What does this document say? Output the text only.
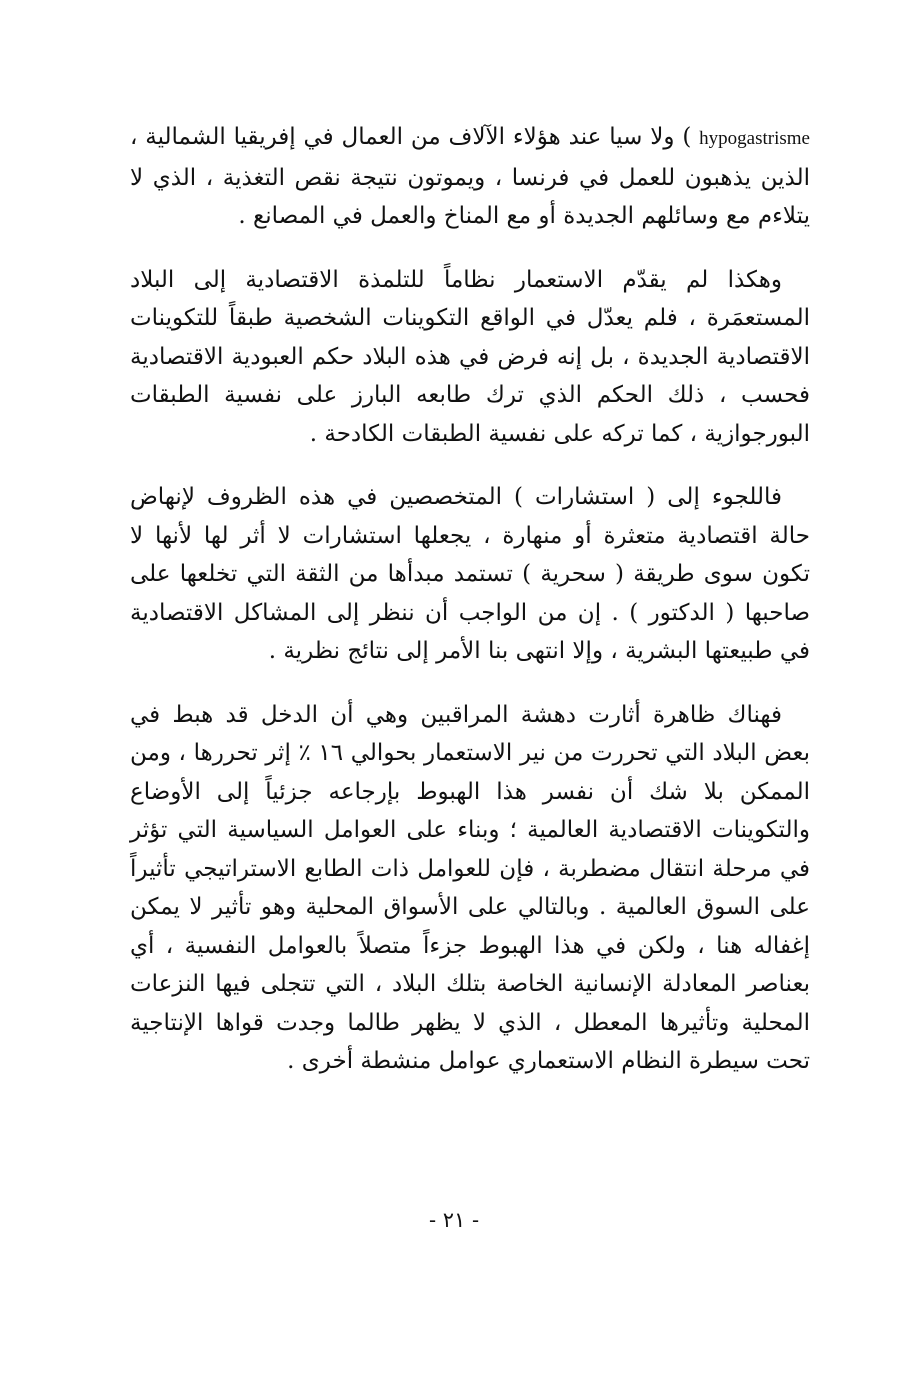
hypogastrisme ) ولا سيا عند هؤلاء الآلاف من العمال في إفريقيا الشمالية ، الذين يذهبون للعمل في فرنسا ، ويموتون نتيجة نقص التغذية ، الذي لا يتلاءم مع وسائلهم الجديدة أو مع المناخ والعمل في المصانع .

وهكذا لم يقدّم الاستعمار نظاماً للتلمذة الاقتصادية إلى البلاد المستعمَرة ، فلم يعدّل في الواقع التكوينات الشخصية طبقاً للتكوينات الاقتصادية الجديدة ، بل إنه فرض في هذه البلاد حكم العبودية الاقتصادية فحسب ، ذلك الحكم الذي ترك طابعه البارز على نفسية الطبقات البورجوازية ، كما تركه على نفسية الطبقات الكادحة .

فاللجوء إلى ( استشارات ) المتخصصين في هذه الظروف لإنهاض حالة اقتصادية متعثرة أو منهارة ، يجعلها استشارات لا أثر لها لأنها لا تكون سوى طريقة ( سحرية ) تستمد مبدأها من الثقة التي تخلعها على صاحبها ( الدكتور ) . إن من الواجب أن ننظر إلى المشاكل الاقتصادية في طبيعتها البشرية ، وإلا انتهى بنا الأمر إلى نتائج نظرية .

فهناك ظاهرة أثارت دهشة المراقبين وهي أن الدخل قد هبط في بعض البلاد التي تحررت من نير الاستعمار بحوالي ١٦ ٪ إثر تحررها ، ومن الممكن بلا شك أن نفسر هذا الهبوط بإرجاعه جزئياً إلى الأوضاع والتكوينات الاقتصادية العالمية ؛ وبناء على العوامل السياسية التي تؤثر في مرحلة انتقال مضطربة ، فإن للعوامل ذات الطابع الاستراتيجي تأثيراً على السوق العالمية . وبالتالي على الأسواق المحلية وهو تأثير لا يمكن إغفاله هنا ، ولكن في هذا الهبوط جزءاً متصلاً بالعوامل النفسية ، أي بعناصر المعادلة الإنسانية الخاصة بتلك البلاد ، التي تتجلى فيها النزعات المحلية وتأثيرها المعطل ، الذي لا يظهر طالما وجدت قواها الإنتاجية تحت سيطرة النظام الاستعماري عوامل منشطة أخرى .

- ٢١ -
